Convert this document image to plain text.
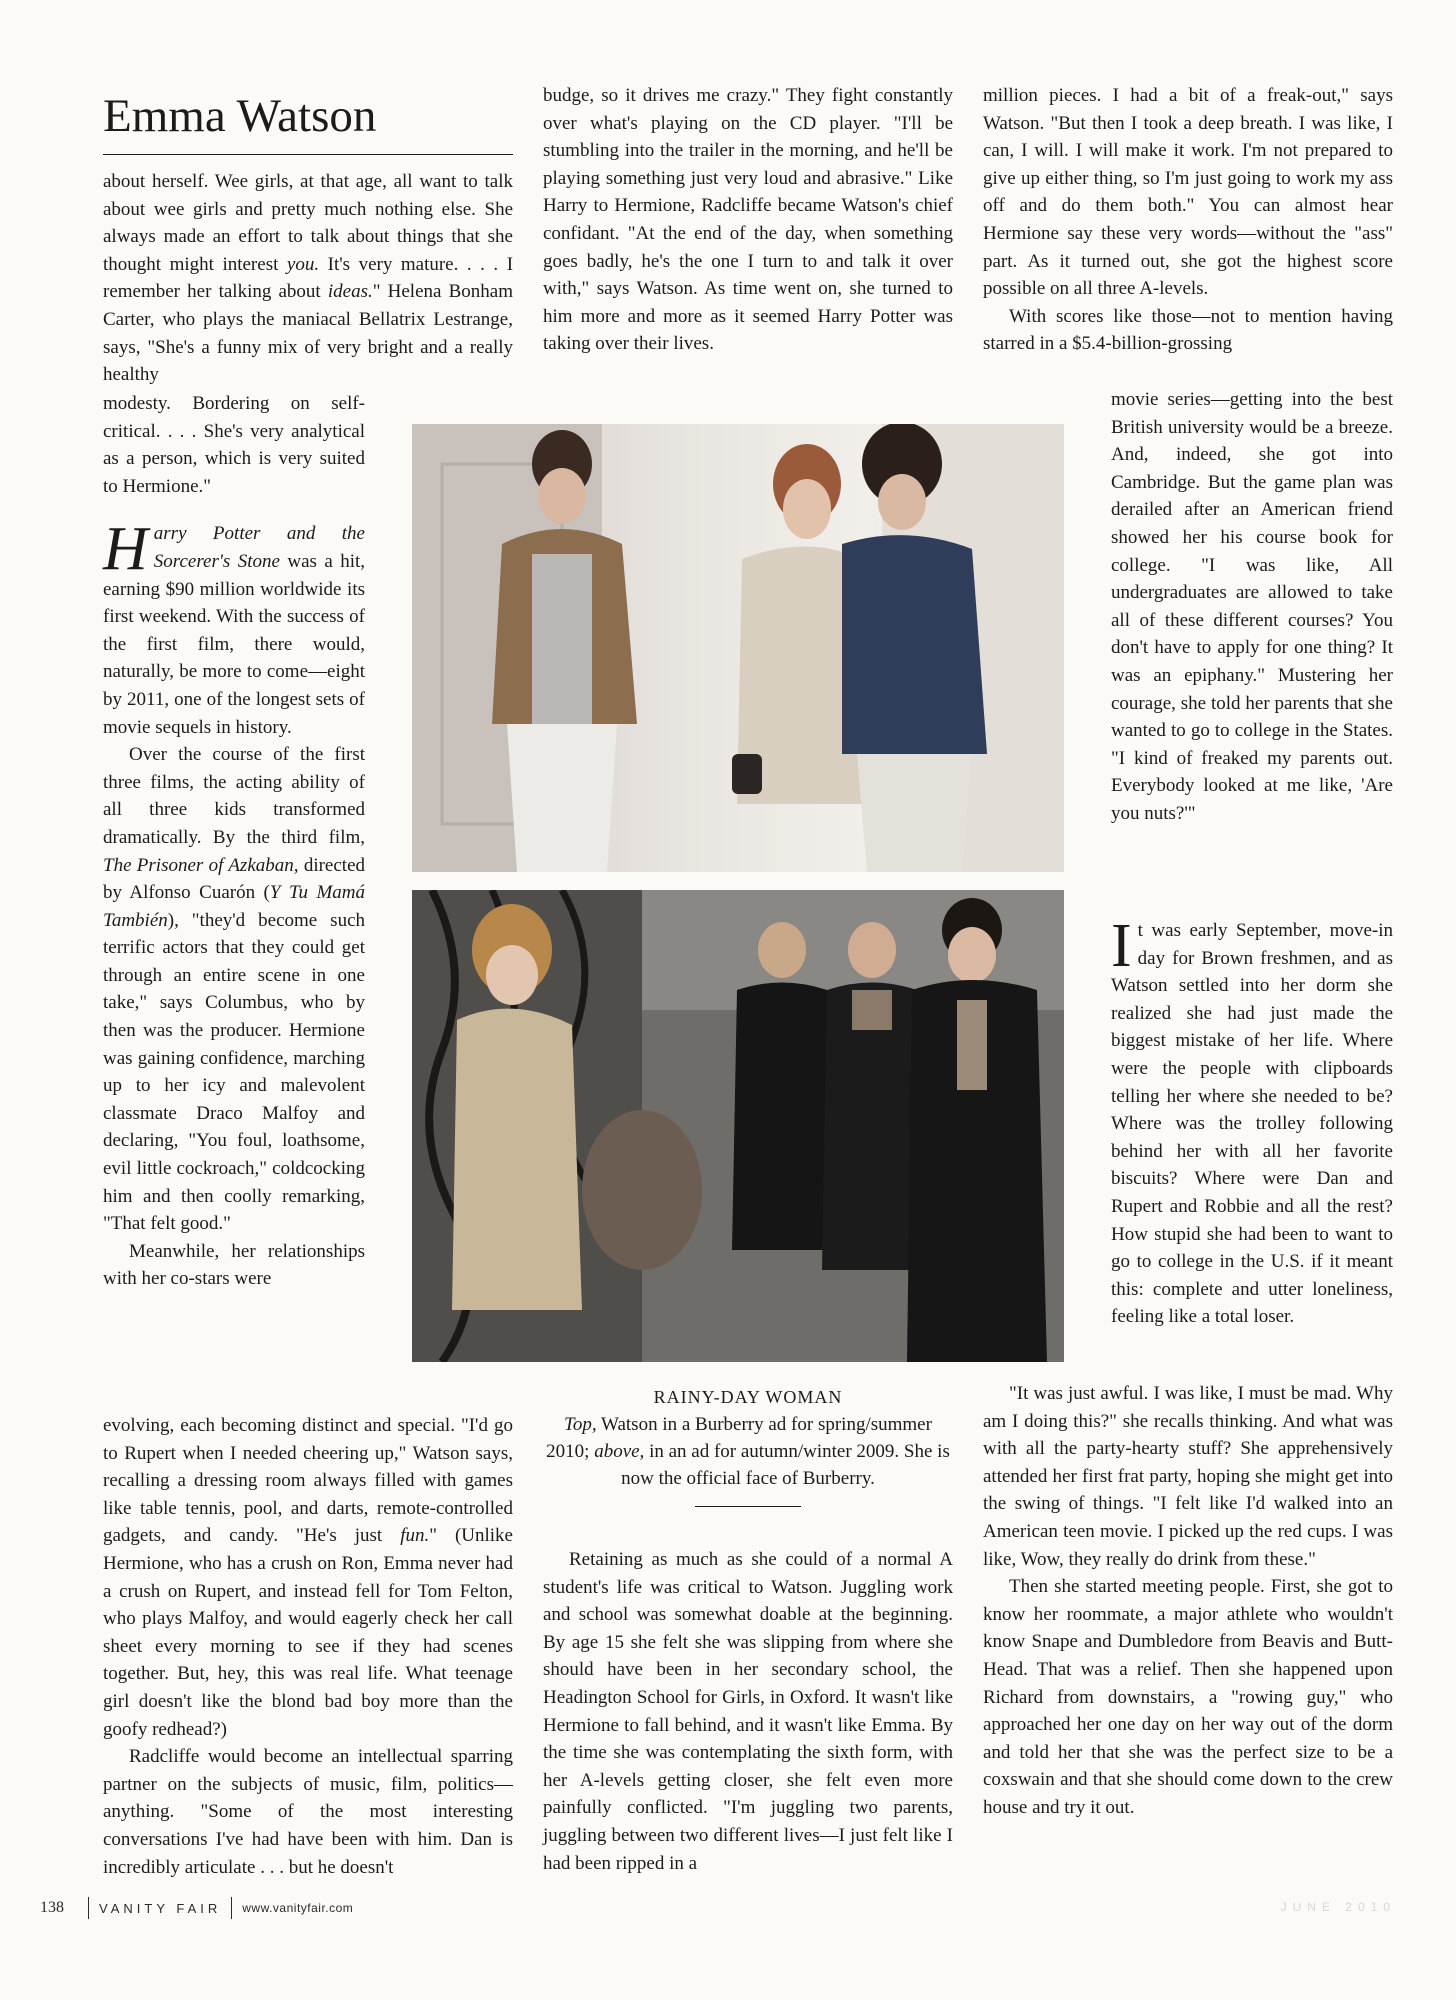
Emma Watson

about herself. Wee girls, at that age, all want to talk about wee girls and pretty much nothing else. She always made an effort to talk about things that she thought might interest you. It's very mature. . . . I remember her talking about ideas." Helena Bonham Carter, who plays the maniacal Bellatrix Lestrange, says, "She's a funny mix of very bright and a really healthy

modesty. Bordering on self-critical. . . . She's very analytical as a person, which is very suited to Hermione."

Harry Potter and the Sorcerer's Stone was a hit, earning $90 million worldwide its first weekend. With the success of the first film, there would, naturally, be more to come—eight by 2011, one of the longest sets of movie sequels in history.

Over the course of the first three films, the acting ability of all three kids transformed dramatically. By the third film, The Prisoner of Azkaban, directed by Alfonso Cuarón (Y Tu Mamá También), "they'd become such terrific actors that they could get through an entire scene in one take," says Columbus, who by then was the producer. Hermione was gaining confidence, marching up to her icy and malevolent classmate Draco Malfoy and declaring, "You foul, loathsome, evil little cockroach," coldcocking him and then coolly remarking, "That felt good."

Meanwhile, her relationships with her co-stars were

evolving, each becoming distinct and special. "I'd go to Rupert when I needed cheering up," Watson says, recalling a dressing room always filled with games like table tennis, pool, and darts, remote-controlled gadgets, and candy. "He's just fun." (Unlike Hermione, who has a crush on Ron, Emma never had a crush on Rupert, and instead fell for Tom Felton, who plays Malfoy, and would eagerly check her call sheet every morning to see if they had scenes together. But, hey, this was real life. What teenage girl doesn't like the blond bad boy more than the goofy redhead?)

Radcliffe would become an intellectual sparring partner on the subjects of music, film, politics—anything. "Some of the most interesting conversations I've had have been with him. Dan is incredibly articulate . . . but he doesn't

budge, so it drives me crazy." They fight constantly over what's playing on the CD player. "I'll be stumbling into the trailer in the morning, and he'll be playing something just very loud and abrasive." Like Harry to Hermione, Radcliffe became Watson's chief confidant. "At the end of the day, when something goes badly, he's the one I turn to and talk it over with," says Watson. As time went on, she turned to him more and more as it seemed Harry Potter was taking over their lives.

RAINY-DAY WOMAN
Top, Watson in a Burberry ad for spring/summer 2010; above, in an ad for autumn/winter 2009. She is now the official face of Burberry.

Retaining as much as she could of a normal A student's life was critical to Watson. Juggling work and school was somewhat doable at the beginning. By age 15 she felt she was slipping from where she should have been in her secondary school, the Headington School for Girls, in Oxford. It wasn't like Hermione to fall behind, and it wasn't like Emma. By the time she was contemplating the sixth form, with her A-levels getting closer, she felt even more painfully conflicted. "I'm juggling two parents, juggling between two different lives—I just felt like I had been ripped in a

million pieces. I had a bit of a freak-out," says Watson. "But then I took a deep breath. I was like, I can, I will. I will make it work. I'm not prepared to give up either thing, so I'm just going to work my ass off and do them both." You can almost hear Hermione say these very words—without the "ass" part. As it turned out, she got the highest score possible on all three A-levels.

With scores like those—not to mention having starred in a $5.4-billion-grossing

movie series—getting into the best British university would be a breeze. And, indeed, she got into Cambridge. But the game plan was derailed after an American friend showed her his course book for college. "I was like, All undergraduates are allowed to take all of these different courses? You don't have to apply for one thing? It was an epiphany." Mustering her courage, she told her parents that she wanted to go to college in the States. "I kind of freaked my parents out. Everybody looked at me like, 'Are you nuts?'"

It was early September, move-in day for Brown freshmen, and as Watson settled into her dorm she realized she had just made the biggest mistake of her life. Where were the people with clipboards telling her where she needed to be? Where was the trolley following behind her with all her favorite biscuits? Where were Dan and Rupert and Robbie and all the rest? How stupid she had been to want to go to college in the U.S. if it meant this: complete and utter loneliness, feeling like a total loser.

"It was just awful. I was like, I must be mad. Why am I doing this?" she recalls thinking. And what was with all the party-hearty stuff? She apprehensively attended her first frat party, hoping she might get into the swing of things. "I felt like I'd walked into an American teen movie. I picked up the red cups. I was like, Wow, they really do drink from these."

Then she started meeting people. First, she got to know her roommate, a major athlete who wouldn't know Snape and Dumbledore from Beavis and Butt-Head. That was a relief. Then she happened upon Richard from downstairs, a "rowing guy," who approached her one day on her way out of the dorm and told her that she was the perfect size to be a coxswain and that she should come down to the crew house and try it out.

138	VANITY FAIR www.vanityfair.com	JUNE 2010
